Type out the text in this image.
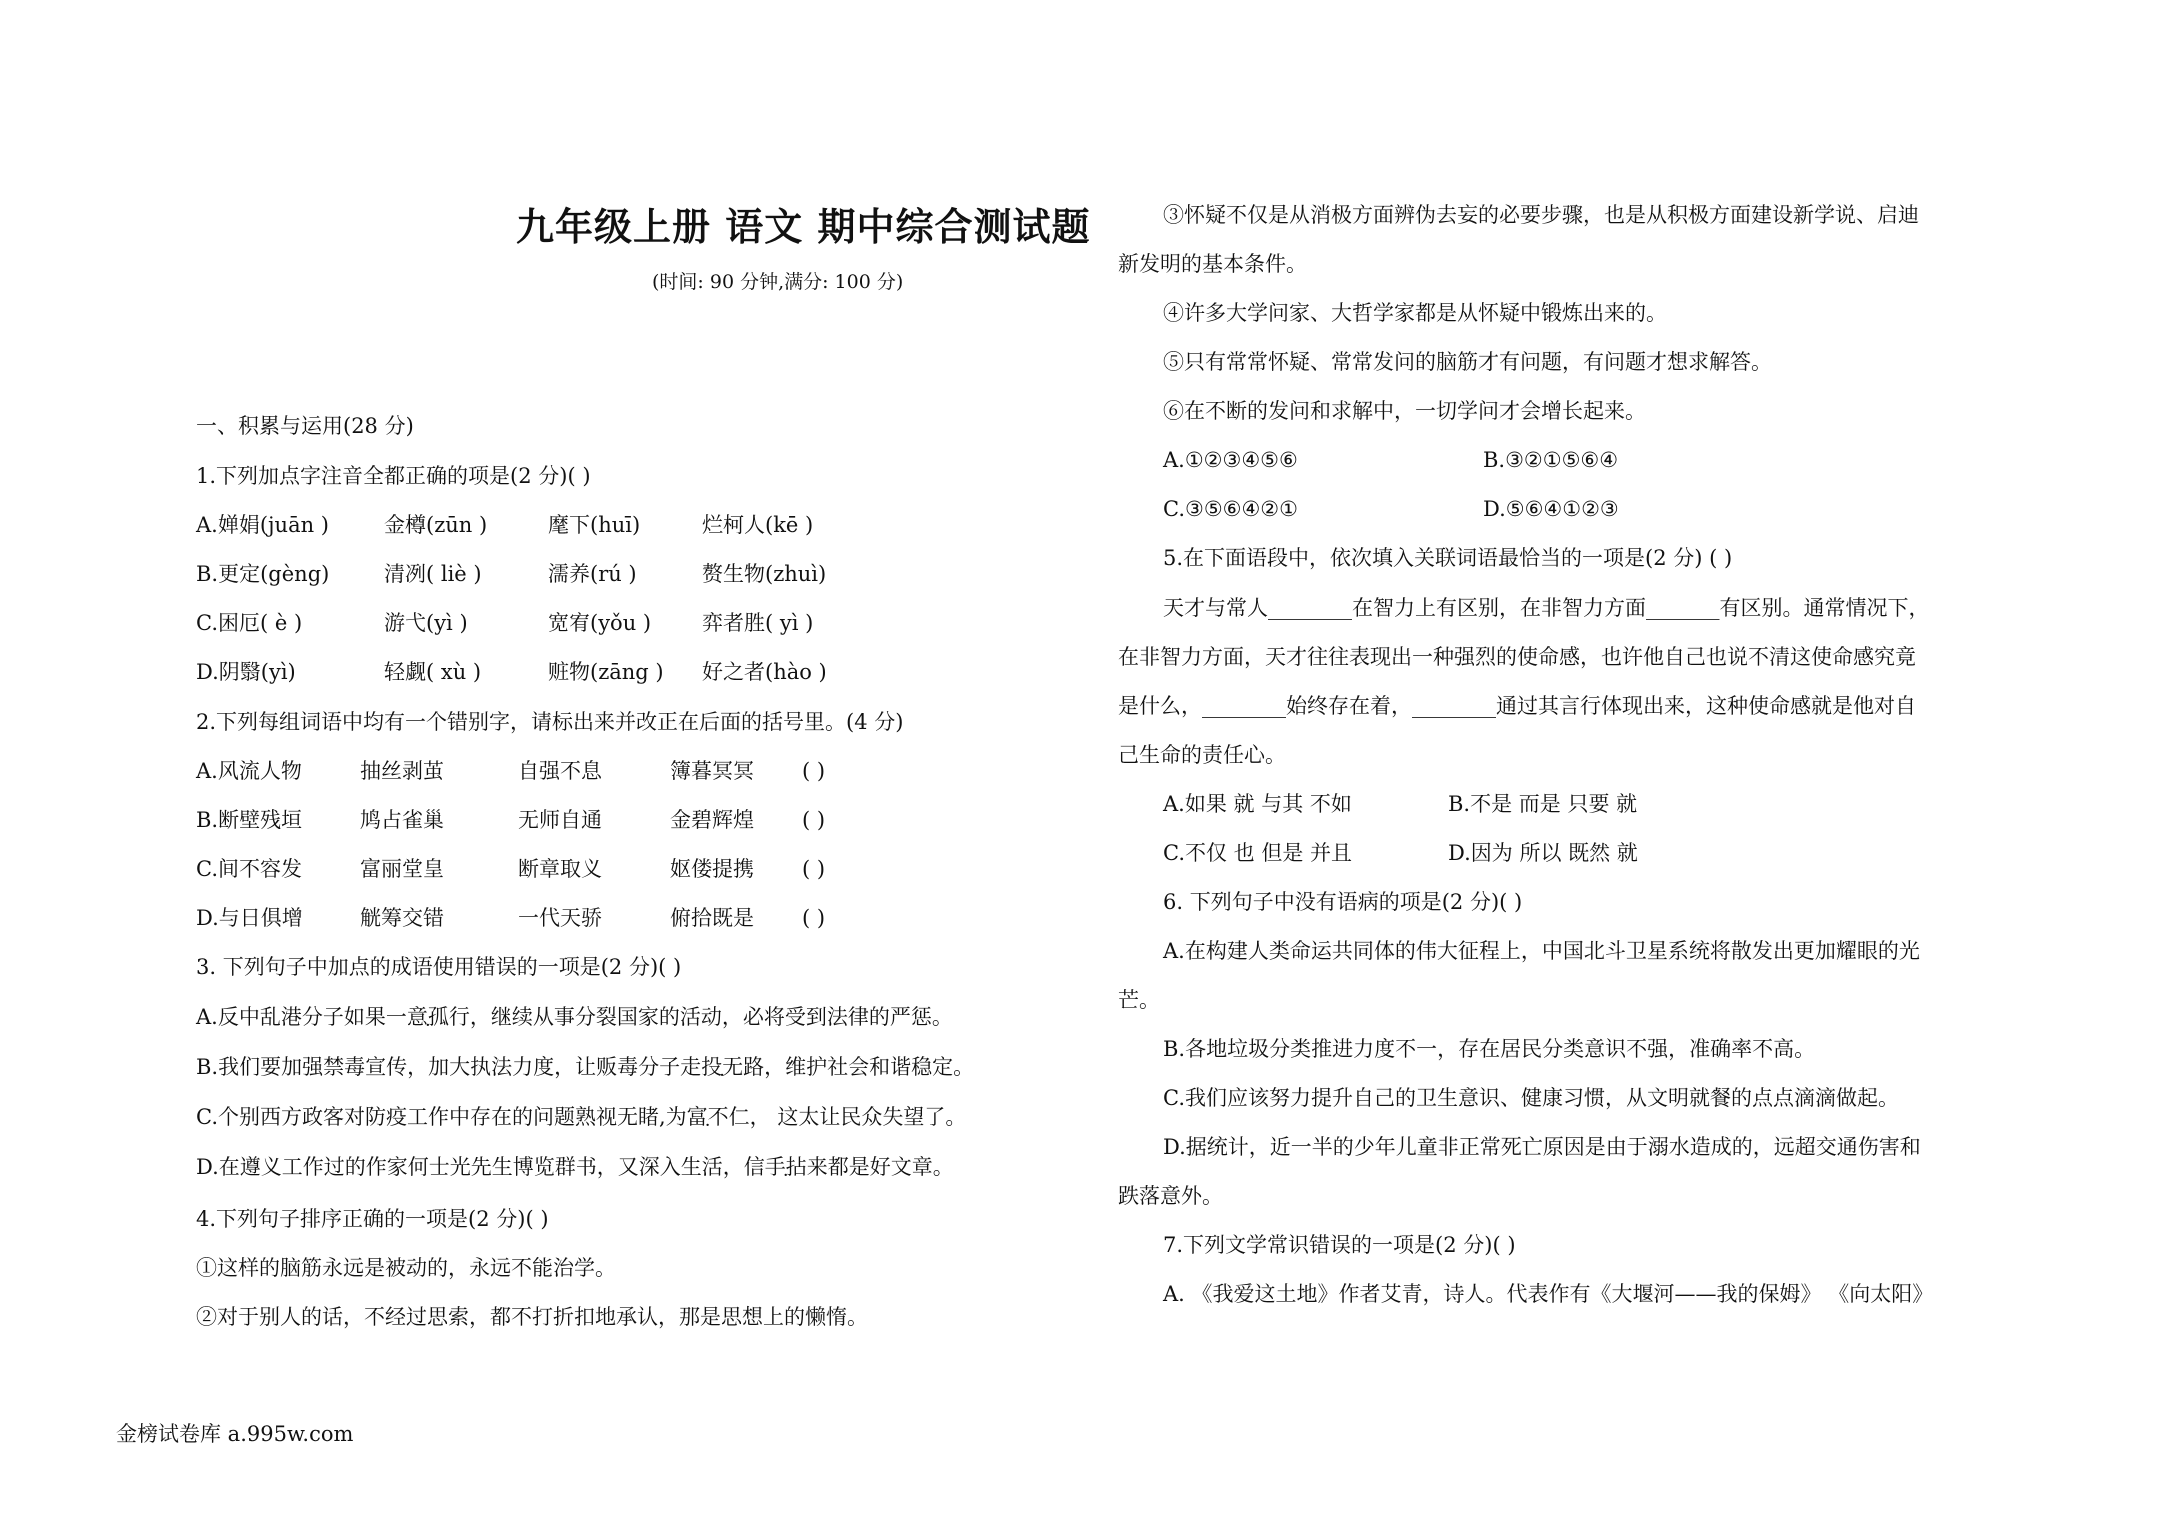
九年级上册 语文 期中综合测试题
(时间: 90 分钟,满分: 100 分)
一、积累与运用(28 分)
1.下列加点字注音全都正确的项是(2 分)( )
A.婵娟(juān )	金樽(zūn )	麾下(huī)	烂柯人(kē )
B.更定(gèng)	清冽( liè )	濡养(rú )	赘生物(zhuì)
C.困厄( è )	游弋(yì )	宽宥(yǒu ) 弈者胜( yì )
D.阴翳(yì)	轻觑( xù )	赃物(zāng ) 好之者(hào )
2.下列每组词语中均有一个错别字，请标出来并改正在后面的括号里。(4 分)
A.风流人物	抽丝剥茧	自强不息	簿暮冥冥 ( )
B.断壁残垣	鸠占雀巢	无师自通	金碧辉煌 ( )
C.间不容发	富丽堂皇	断章取义	妪偻提携 ( )
D.与日俱增	觥筹交错	一代天骄	俯拾既是 ( )
3. 下列句子中加点的成语使用错误的一项是(2 分)( )
A.反中乱港分子如果一意孤行，继续从事分裂国家的活动，必将受到法律的严惩。
B.我们要加强禁毒宣传，加大执法力度，让贩毒分子走投无路，维护社会和谐稳定。
C.个别西方政客对防疫工作中存在的问题熟视无睹,为富不仁， 这太让民众失望了。
D.在遵义工作过的作家何士光先生博览群书，又深入生活，信手拈来都是好文章。
4.下列句子排序正确的一项是(2 分)( )
①这样的脑筋永远是被动的，永远不能治学。
②对于别人的话，不经过思索，都不打折扣地承认，那是思想上的懒惰。
③怀疑不仅是从消极方面辨伪去妄的必要步骤，也是从积极方面建设新学说、启迪
新发明的基本条件。
④许多大学问家、大哲学家都是从怀疑中锻炼出来的。
⑤只有常常怀疑、常常发问的脑筋才有问题，有问题才想求解答。
⑥在不断的发问和求解中，一切学问才会增长起来。
A.①②③④⑤⑥	B.③②①⑤⑥④
C.③⑤⑥④②①	D.⑤⑥④①②③
5.在下面语段中，依次填入关联词语最恰当的一项是(2 分) ( )
天才与常人________在智力上有区别，在非智力方面_______有区别。通常情况下，
在非智力方面，天才往往表现出一种强烈的使命感，也许他自己也说不清这使命感究竟
是什么，________始终存在着，________通过其言行体现出来，这种使命感就是他对自
己生命的责任心。
A.如果 就 与其 不如	B.不是 而是 只要 就
C.不仅 也 但是 并且	D.因为 所以 既然 就
6. 下列句子中没有语病的项是(2 分)( )
A.在构建人类命运共同体的伟大征程上，中国北斗卫星系统将散发出更加耀眼的光
芒。
B.各地垃圾分类推进力度不一，存在居民分类意识不强，准确率不高。
C.我们应该努力提升自己的卫生意识、健康习惯，从文明就餐的点点滴滴做起。
D.据统计，近一半的少年儿童非正常死亡原因是由于溺水造成的，远超交通伤害和
跌落意外。
7.下列文学常识错误的一项是(2 分)( )
A. 《我爱这土地》作者艾青，诗人。代表作有《大堰河——我的保姆》 《向太阳》
金榜试卷库 a.995w.com
